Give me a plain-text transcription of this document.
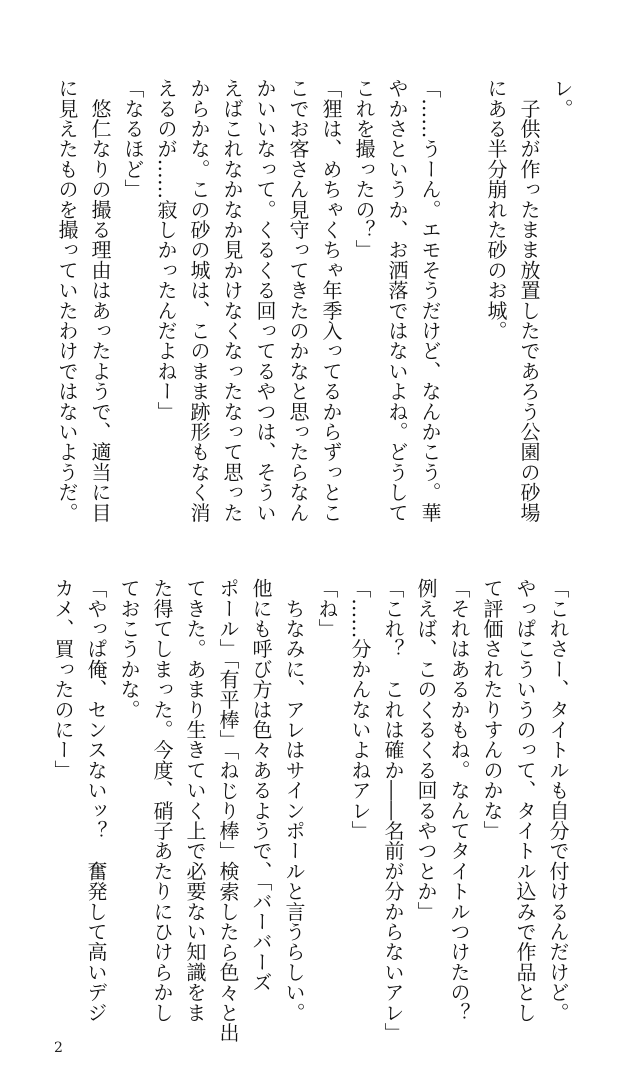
レ。
　子供が作ったまま放置したであろう公園の砂場
にある半分崩れた砂のお城。

「……うーん。エモそうだけど、なんかこう。華
やかさというか、お洒落ではないよね。どうして
これを撮ったの？」
「狸は、めちゃくちゃ年季入ってるからずっとこ
こでお客さん見守ってきたのかなと思ったらなん
かいいなって。くるくる回ってるやつは、そうい
えばこれなかなか見かけなくなったなって思った
からかな。この砂の城は、このまま跡形もなく消
えるのが……寂しかったんだよねー」
「なるほど」
　悠仁なりの撮る理由はあったようで、適当に目
に見えたものを撮っていたわけではないようだ。
「これさー、タイトルも自分で付けるんだけど。
やっぱこういうのって、タイトル込みで作品とし
て評価されたりすんのかな」
「それはあるかもね。なんてタイトルつけたの？
例えば、このくるくる回るやつとか」
「これ？　これは確か――名前が分からないアレ」
「……分かんないよねアレ」
「ね」
　ちなみに、アレはサインポールと言うらしい。
他にも呼び方は色々あるようで、「バーバーズ
ポール」「有平棒」「ねじり棒」検索したら色々と出
てきた。あまり生きていく上で必要ない知識をま
た得てしまった。今度、硝子あたりにひけらかし
ておこうかな。
「やっぱ俺、センスないッ？　奮発して高いデジ
カメ、買ったのにー」
2
